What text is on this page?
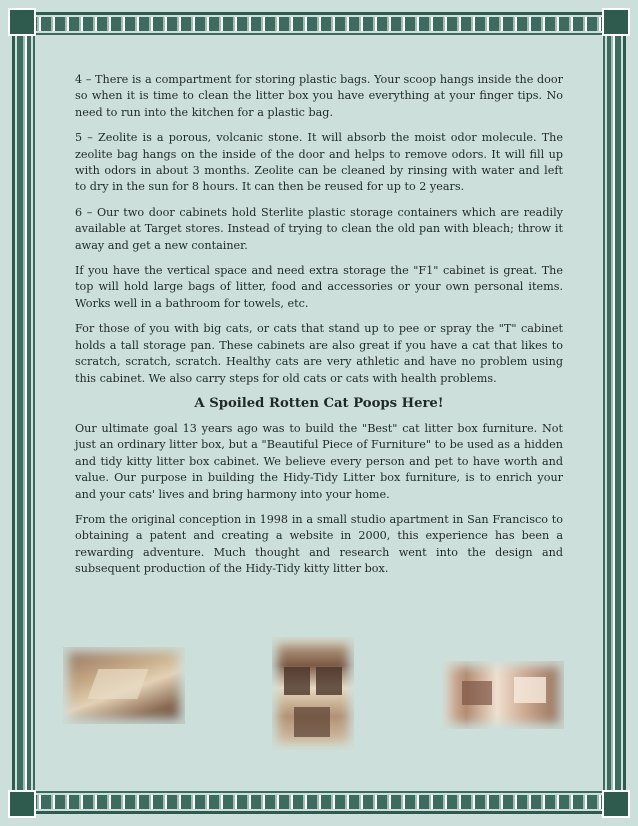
4 – There is a compartment for storing plastic bags. Your scoop hangs inside the door so when it is time to clean the litter box you have everything at your finger tips. No need to run into the kitchen for a plastic bag.

5 – Zeolite is a porous, volcanic stone. It will absorb the moist odor molecule. The zeolite bag hangs on the inside of the door and helps to remove odors. It will fill up with odors in about 3 months. Zeolite can be cleaned by rinsing with water and left to dry in the sun for 8 hours. It can then be reused for up to 2 years.

6 – Our two door cabinets hold Sterlite plastic storage containers which are readily available at Target stores. Instead of trying to clean the old pan with bleach; throw it away and get a new container.

If you have the vertical space and need extra storage the "F1" cabinet is great. The top will hold large bags of litter, food and accessories or your own personal items. Works well in a bathroom for towels, etc.

For those of you with big cats, or cats that stand up to pee or spray the "T" cabinet holds a tall storage pan. These cabinets are also great if you have a cat that likes to scratch, scratch, scratch. Healthy cats are very athletic and have no problem using this cabinet. We also carry steps for old cats or cats with health problems.

A Spoiled Rotten Cat Poops Here!

Our ultimate goal 13 years ago was to build the "Best" cat litter box furniture. Not just an ordinary litter box, but a "Beautiful Piece of Furniture" to be used as a hidden and tidy kitty litter box cabinet. We believe every person and pet to have worth and value. Our purpose in building the Hidy-Tidy Litter box furniture, is to enrich your and your cats' lives and bring harmony into your home.

From the original conception in 1998 in a small studio apartment in San Francisco to obtaining a patent and creating a website in 2000, this experience has been a rewarding adventure. Much thought and research went into the design and subsequent production of the Hidy-Tidy kitty litter box.
